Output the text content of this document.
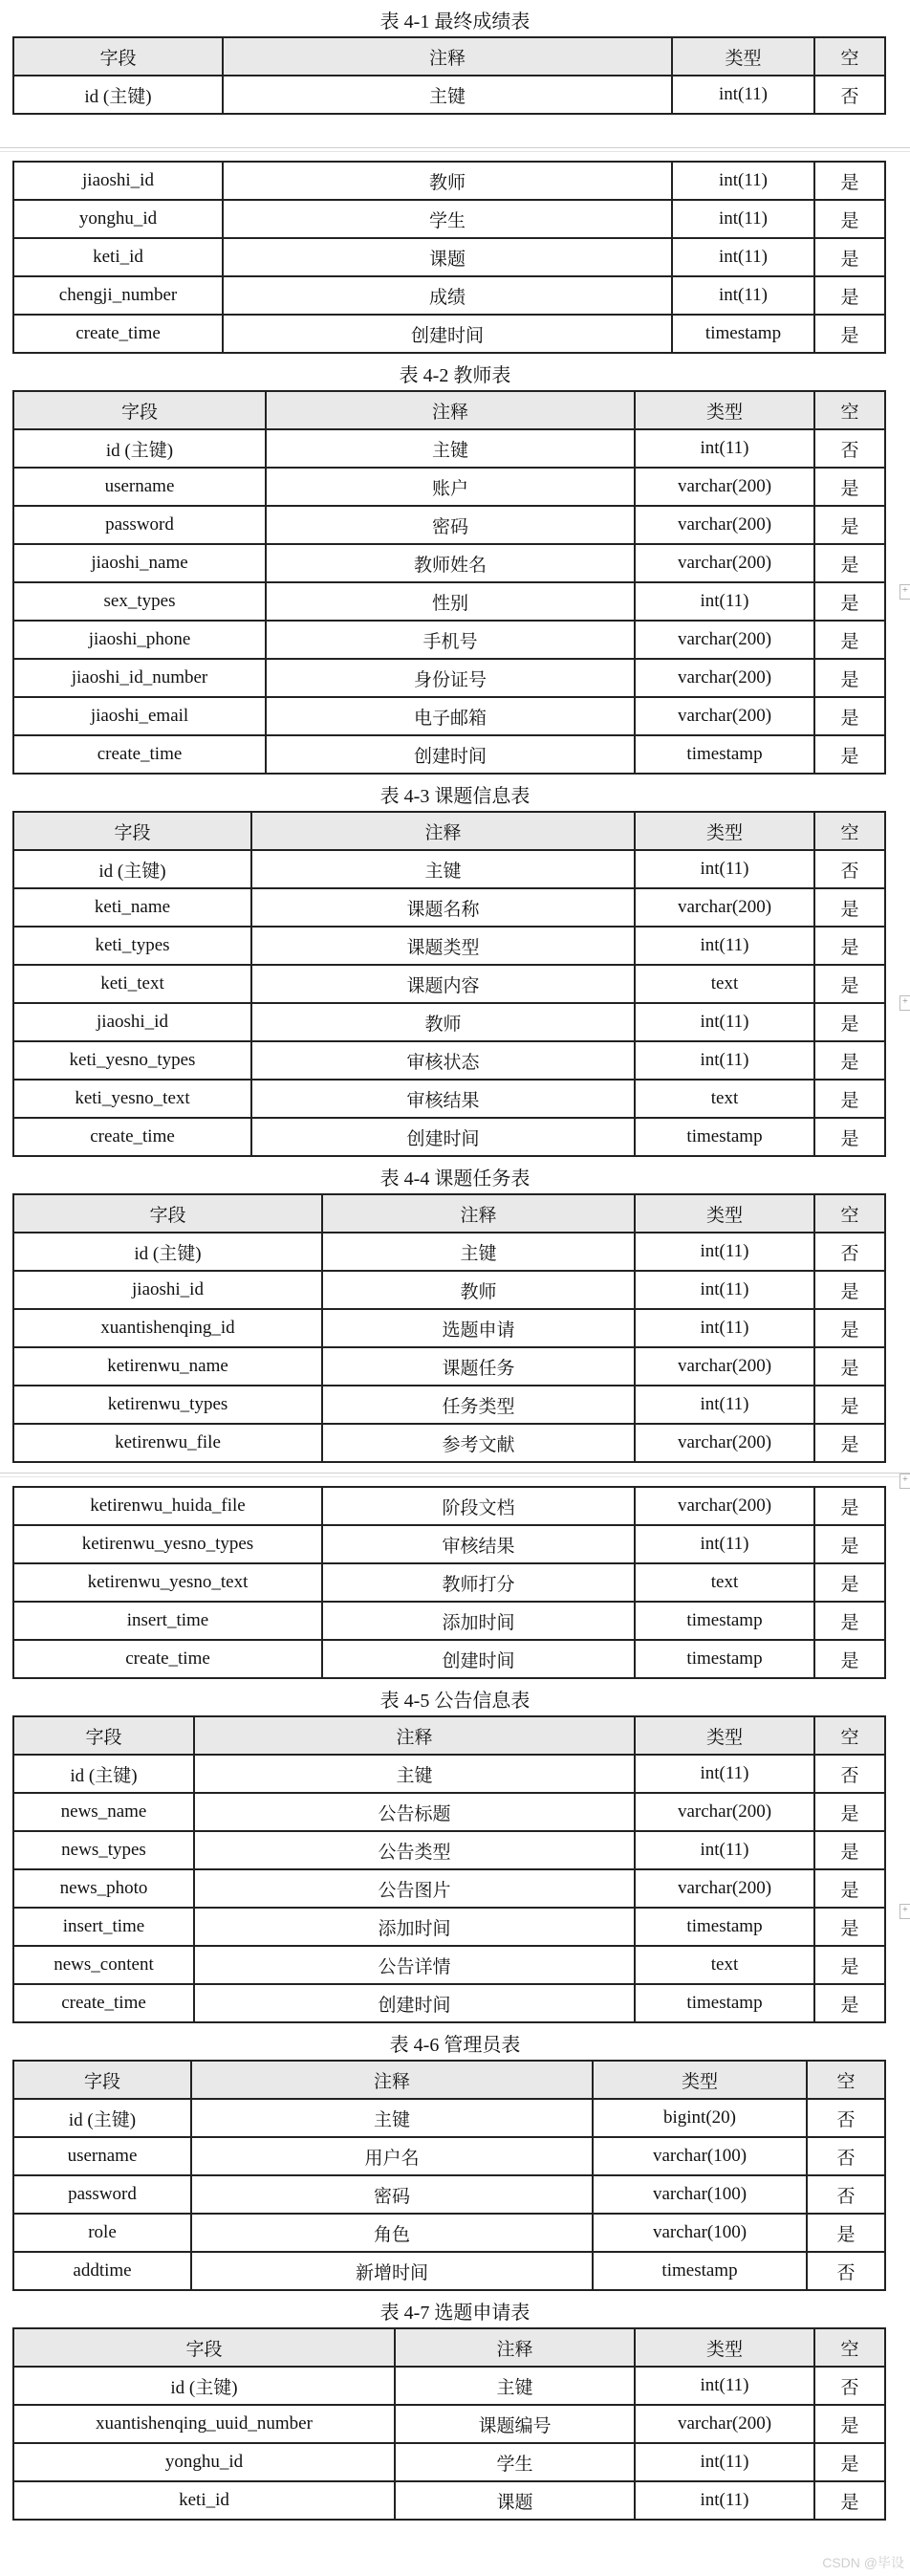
表 4-1 最终成绩表
字段	注释	类型	空
id (主键)	主键	int(11)	否
jiaoshi_id	教师	int(11)	是
yonghu_id	学生	int(11)	是
keti_id	课题	int(11)	是
chengji_number	成绩	int(11)	是
create_time	创建时间	timestamp	是
表 4-2 教师表
字段	注释	类型	空
id (主键)	主键	int(11)	否
username	账户	varchar(200)	是
password	密码	varchar(200)	是
jiaoshi_name	教师姓名	varchar(200)	是
sex_types	性别	int(11)	是
jiaoshi_phone	手机号	varchar(200)	是
jiaoshi_id_number	身份证号	varchar(200)	是
jiaoshi_email	电子邮箱	varchar(200)	是
create_time	创建时间	timestamp	是
表 4-3 课题信息表
字段	注释	类型	空
id (主键)	主键	int(11)	否
keti_name	课题名称	varchar(200)	是
keti_types	课题类型	int(11)	是
keti_text	课题内容	text	是
jiaoshi_id	教师	int(11)	是
keti_yesno_types	审核状态	int(11)	是
keti_yesno_text	审核结果	text	是
create_time	创建时间	timestamp	是
表 4-4 课题任务表
字段	注释	类型	空
id (主键)	主键	int(11)	否
jiaoshi_id	教师	int(11)	是
xuantishenqing_id	选题申请	int(11)	是
ketirenwu_name	课题任务	varchar(200)	是
ketirenwu_types	任务类型	int(11)	是
ketirenwu_file	参考文献	varchar(200)	是
ketirenwu_huida_file	阶段文档	varchar(200)	是
ketirenwu_yesno_types	审核结果	int(11)	是
ketirenwu_yesno_text	教师打分	text	是
insert_time	添加时间	timestamp	是
create_time	创建时间	timestamp	是
表 4-5 公告信息表
字段	注释	类型	空
id (主键)	主键	int(11)	否
news_name	公告标题	varchar(200)	是
news_types	公告类型	int(11)	是
news_photo	公告图片	varchar(200)	是
insert_time	添加时间	timestamp	是
news_content	公告详情	text	是
create_time	创建时间	timestamp	是
表 4-6 管理员表
字段	注释	类型	空
id (主键)	主键	bigint(20)	否
username	用户名	varchar(100)	否
password	密码	varchar(100)	否
role	角色	varchar(100)	是
addtime	新增时间	timestamp	否
表 4-7 选题申请表
字段	注释	类型	空
id (主键)	主键	int(11)	否
xuantishenqing_uuid_number	课题编号	varchar(200)	是
yonghu_id	学生	int(11)	是
keti_id	课题	int(11)	是
+
+
+
+
CSDN @毕设
